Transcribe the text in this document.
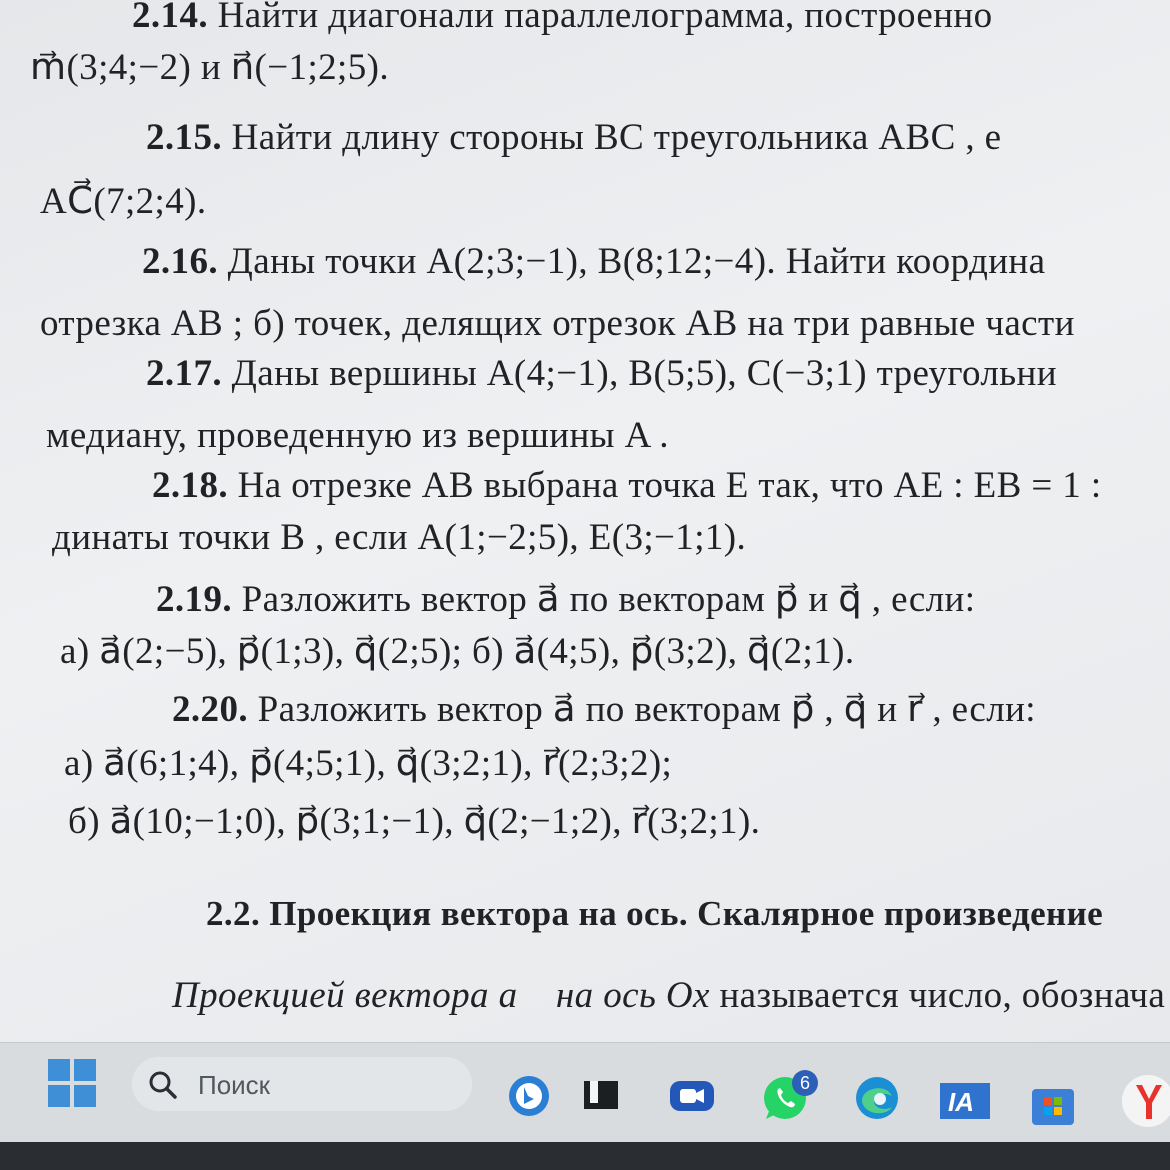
2.14. Найти диагонали параллелограмма, построенно
m⃗(3;4;−2) и n⃗(−1;2;5).
2.15. Найти длину стороны BC треугольника ABC , е
AC⃗(7;2;4).
2.16. Даны точки A(2;3;−1), B(8;12;−4). Найти координа
отрезка AB ; б) точек, делящих отрезок AB на три равные части
2.17. Даны вершины A(4;−1), B(5;5), C(−3;1) треугольни
медиану, проведенную из вершины A .
2.18. На отрезке AB выбрана точка E так, что AE : EB = 1 :
динаты точки B , если A(1;−2;5), E(3;−1;1).
2.19. Разложить вектор a⃗ по векторам p⃗ и q⃗ , если:
а) a⃗(2;−5), p⃗(1;3), q⃗(2;5); б) a⃗(4;5), p⃗(3;2), q⃗(2;1).
2.20. Разложить вектор a⃗ по векторам p⃗ , q⃗ и r⃗ , если:
а) a⃗(6;1;4), p⃗(4;5;1), q⃗(3;2;1), r⃗(2;3;2);
б) a⃗(10;−1;0), p⃗(3;1;−1), q⃗(2;−1;2), r⃗(3;2;1).
2.2. Проекция вектора на ось. Скалярное произведение
Проекцией вектора a⃗ на ось Ox называется число, обознача
Поиск
IA
6
